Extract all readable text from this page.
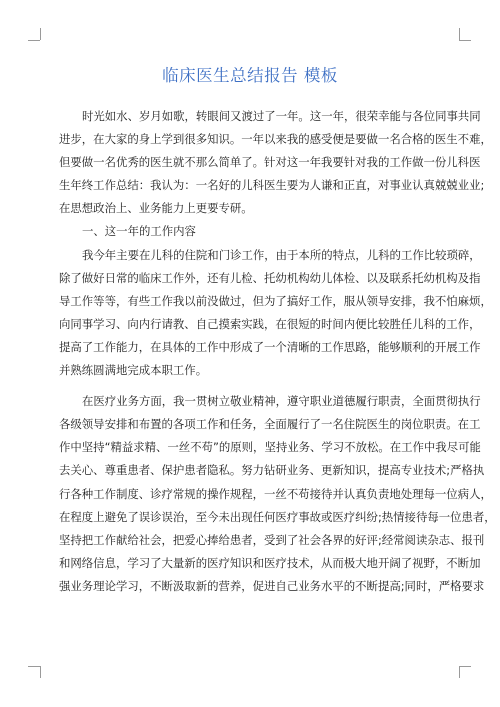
临床医生总结报告 模板
时光如水、岁月如歌，转眼间又渡过了一年。这一年，很荣幸能与各位同事共同
进步，在大家的身上学到很多知识。一年以来我的感受便是要做一名合格的医生不难，
但要做一名优秀的医生就不那么简单了。针对这一年我要针对我的工作做一份儿科医
生年终工作总结：我认为：一名好的儿科医生要为人谦和正直，对事业认真兢兢业业;
在思想政治上、业务能力上更要专研。
一、这一年的工作内容
我今年主要在儿科的住院和门诊工作，由于本所的特点，儿科的工作比较琐碎，
除了做好日常的临床工作外，还有儿检、托幼机构幼儿体检、以及联系托幼机构及指
导工作等等，有些工作我以前没做过，但为了搞好工作，服从领导安排，我不怕麻烦，
向同事学习、向内行请教、自己摸索实践，在很短的时间内便比较胜任儿科的工作，
提高了工作能力，在具体的工作中形成了一个清晰的工作思路，能够顺利的开展工作
并熟练圆满地完成本职工作。
在医疗业务方面，我一贯树立敬业精神，遵守职业道德履行职责，全面贯彻执行
各级领导安排和布置的各项工作和任务，全面履行了一名住院医生的岗位职责。在工
作中坚持“精益求精、一丝不苟”的原则，坚持业务、学习不放松。在工作中我尽可能
去关心、尊重患者、保护患者隐私。努力钻研业务、更新知识，提高专业技术;严格执
行各种工作制度、诊疗常规的操作规程，一丝不苟接待并认真负责地处理每一位病人，
在程度上避免了误诊误治，至今未出现任何医疗事故或医疗纠纷;热情接待每一位患者，
坚持把工作献给社会，把爱心捧给患者，受到了社会各界的好评;经常阅读杂志、报刊
和网络信息，学习了大量新的医疗知识和医疗技术，从而极大地开阔了视野，不断加
强业务理论学习，不断汲取新的营养，促进自己业务水平的不断提高;同时，严格要求
